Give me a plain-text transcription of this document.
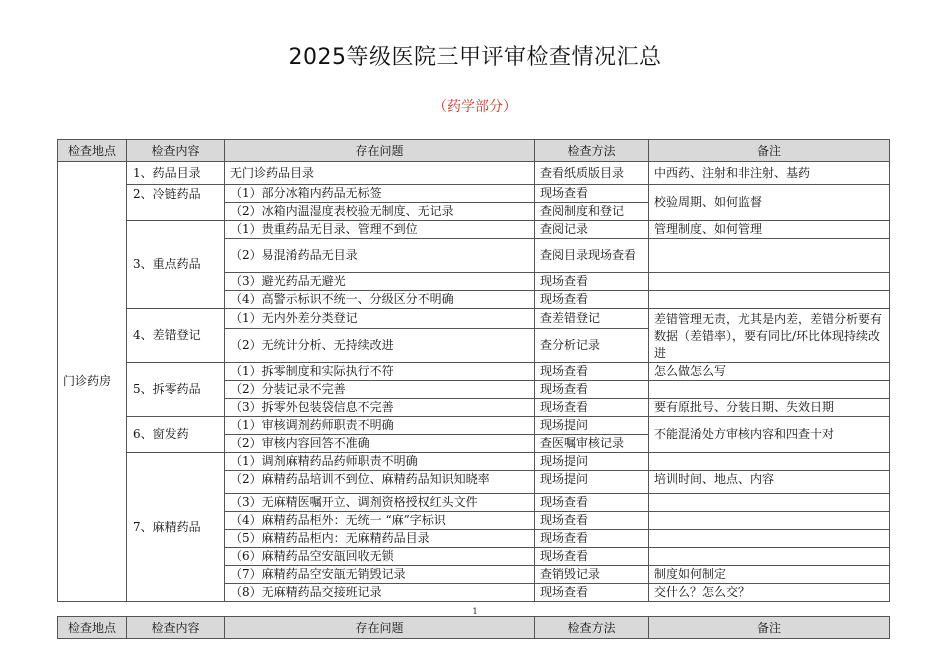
2025等级医院三甲评审检查情况汇总
（药学部分）
检查地点	检查内容	存在问题	检查方法	备注
门诊药房	1、药品目录	无门诊药品目录	查看纸质版目录	中西药、注射和非注射、基药
	2、冷链药品	（1）部分冰箱内药品无标签	现场查看	校验周期、如何监督
		（2）冰箱内温湿度表校验无制度、无记录	查阅制度和登记	
	3、重点药品	（1）贵重药品无目录、管理不到位	查阅记录	管理制度、如何管理
		（2）易混淆药品无目录	查阅目录现场查看	
		（3）避光药品无避光	现场查看	
		（4）高警示标识不统一、分级区分不明确	现场查看	
	4、差错登记	（1）无内外差分类登记	查差错登记	差错管理无责，尤其是内差，差错分析要有数据（差错率），要有同比/环比体现持续改进
		（2）无统计分析、无持续改进	查分析记录	
	5、拆零药品	（1）拆零制度和实际执行不符	现场查看	怎么做怎么写
		（2）分装记录不完善	现场查看	
		（3）拆零外包装袋信息不完善	现场查看	要有原批号、分装日期、失效日期
	6、窗发药	（1）审核调剂药师职责不明确	现场提问	不能混淆处方审核内容和四查十对
		（2）审核内容回答不准确	查医嘱审核记录	
	7、麻精药品	（1）调剂麻精药品药师职责不明确	现场提问	
		（2）麻精药品培训不到位、麻精药品知识知晓率	现场提问	培训时间、地点、内容
		（3）无麻精医嘱开立、调剂资格授权红头文件	现场查看	
		（4）麻精药品柜外：无统一 “麻”字标识	现场查看	
		（5）麻精药品柜内：无麻精药品目录	现场查看	
		（6）麻精药品空安瓿回收无锁	现场查看	
		（7）麻精药品空安瓿无销毁记录	查销毁记录	制度如何制定
		（8）无麻精药品交接班记录	现场查看	交什么？怎么交？
1
检查地点	检查内容	存在问题	检查方法	备注
